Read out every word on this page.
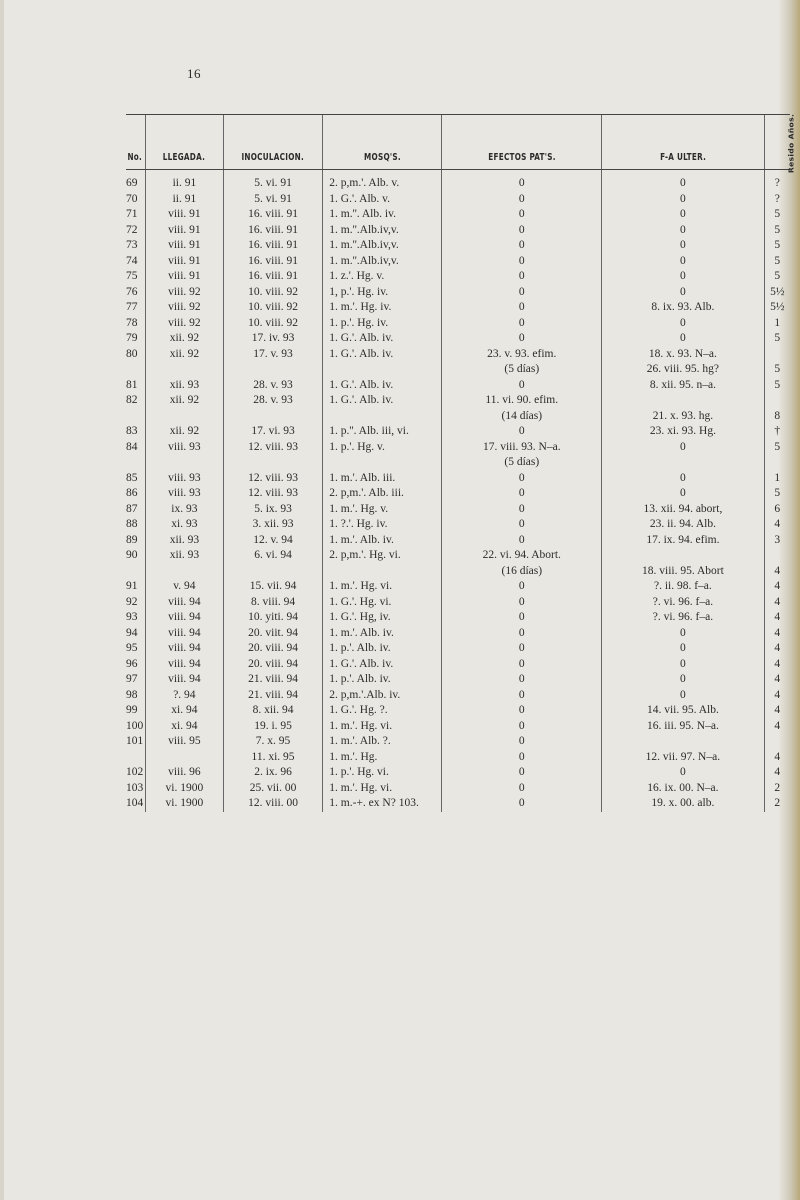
16
No.	LLEGADA.	INOCULACION.	MOSQ'S.	EFECTOS PAT'S.	F-A ULTER.	Resido Años.
69	ii. 91	5. vi. 91	2. p,m.'. Alb. v.	0	0	?
70	ii. 91	5. vi. 91	1. G.'. Alb. v.	0	0	?
71	viii. 91	16. viii. 91	1. m.''. Alb. iv.	0	0	5
72	viii. 91	16. viii. 91	1. m.''.Alb.iv,v.	0	0	5
73	viii. 91	16. viii. 91	1. m.''.Alb.iv,v.	0	0	5
74	viii. 91	16. viii. 91	1. m.''.Alb.iv,v.	0	0	5
75	viii. 91	16. viii. 91	1. z.'. Hg. v.	0	0	5
76	viii. 92	10. viii. 92	1, p.'. Hg. iv.	0	0	5½
77	viii. 92	10. viii. 92	1. m.'. Hg. iv.	0	8. ix. 93. Alb.	5½
78	viii. 92	10. viii. 92	1. p.'. Hg. iv.	0	0	1
79	xii. 92	17. iv. 93	1. G.'. Alb. iv.	0	0	5
80	xii. 92	17. v. 93	1. G.'. Alb. iv.	23. v. 93. efim.	18. x. 93. N–a.	
				(5 días)	26. viii. 95. hg?	5
81	xii. 93	28. v. 93	1. G.'. Alb. iv.	0	8. xii. 95. n–a.	5
82	xii. 92	28. v. 93	1. G.'. Alb. iv.	11. vi. 90. efim.		
				(14 días)	21. x. 93. hg.	8
83	xii. 92	17. vi. 93	1. p.''. Alb. iii, vi.	0	23. xi. 93. Hg.	†
84	viii. 93	12. viii. 93	1. p.'. Hg. v.	17. viii. 93. N–a.	0	5
				(5 días)		
85	viii. 93	12. viii. 93	1. m.'. Alb. iii.	0	0	1
86	viii. 93	12. viii. 93	2. p,m.'. Alb. iii.	0	0	5
87	ix. 93	5. ix. 93	1. m.'. Hg. v.	0	13. xii. 94. abort,	6
88	xi. 93	3. xii. 93	1. ?.'. Hg. iv.	0	23. ii. 94. Alb.	4
89	xii. 93	12. v. 94	1. m.'. Alb. iv.	0	17. ix. 94. efim.	3
90	xii. 93	6. vi. 94	2. p,m.'. Hg. vi.	22. vi. 94. Abort.		
				(16 días)	18. viii. 95. Abort	4
91	v. 94	15. vii. 94	1. m.'. Hg. vi.	0	?. ii. 98. f–a.	4
92	viii. 94	8. viii. 94	1. G.'. Hg. vi.	0	?. vi. 96. f–a.	4
93	viii. 94	10. yiti. 94	1. G.'. Hg, iv.	0	?. vi. 96. f–a.	4
94	viii. 94	20. viit. 94	1. m.'. Alb. iv.	0	0	4
95	viii. 94	20. viii. 94	1. p.'. Alb. iv.	0	0	4
96	viii. 94	20. viii. 94	1. G.'. Alb. iv.	0	0	4
97	viii. 94	21. viii. 94	1. p.'. Alb. iv.	0	0	4
98	?. 94	21. viii. 94	2. p,m.'.Alb. iv.	0	0	4
99	xi. 94	8. xii. 94	1. G.'. Hg. ?.	0	14. vii. 95. Alb.	4
100	xi. 94	19. i. 95	1. m.'. Hg. vi.	0	16. iii. 95. N–a.	4
101	viii. 95	7. x. 95	1. m.'. Alb. ?.	0		
		11. xi. 95	1. m.'. Hg.	0	12. vii. 97. N–a.	4
102	viii. 96	2. ix. 96	1. p.'. Hg. vi.	0	0	4
103	vi. 1900	25. vii. 00	1. m.'. Hg. vi.	0	16. ix. 00. N–a.	2
104	vi. 1900	12. viii. 00	1. m.-+. ex N? 103.	0	19. x. 00. alb.	2
